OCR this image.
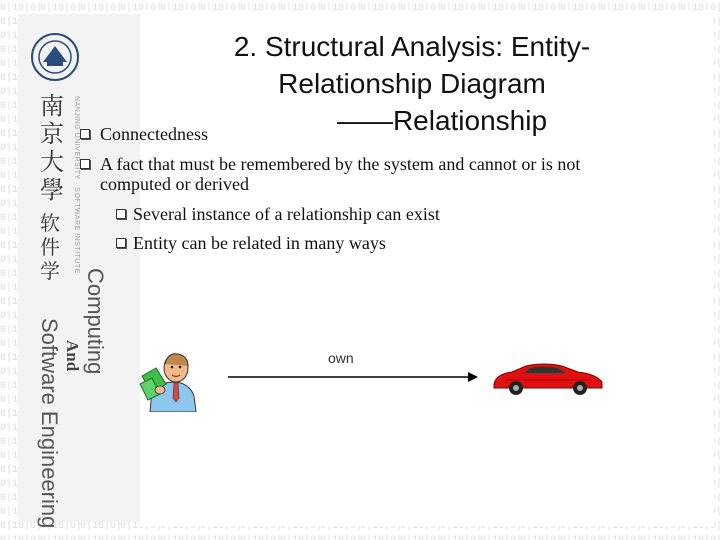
南
京
大
學
软
件
学 NANJING UNIVERSITY · SOFTWARE INSTITUTE
Computing
And
Software Engineering
2. Structural Analysis: Entity-
Relationship Diagram
——Relationship
Connectedness
A fact that must be remembered by the system and cannot or is not
computed or derived
Several instance of a relationship can exist
Entity can be related in many ways
own
